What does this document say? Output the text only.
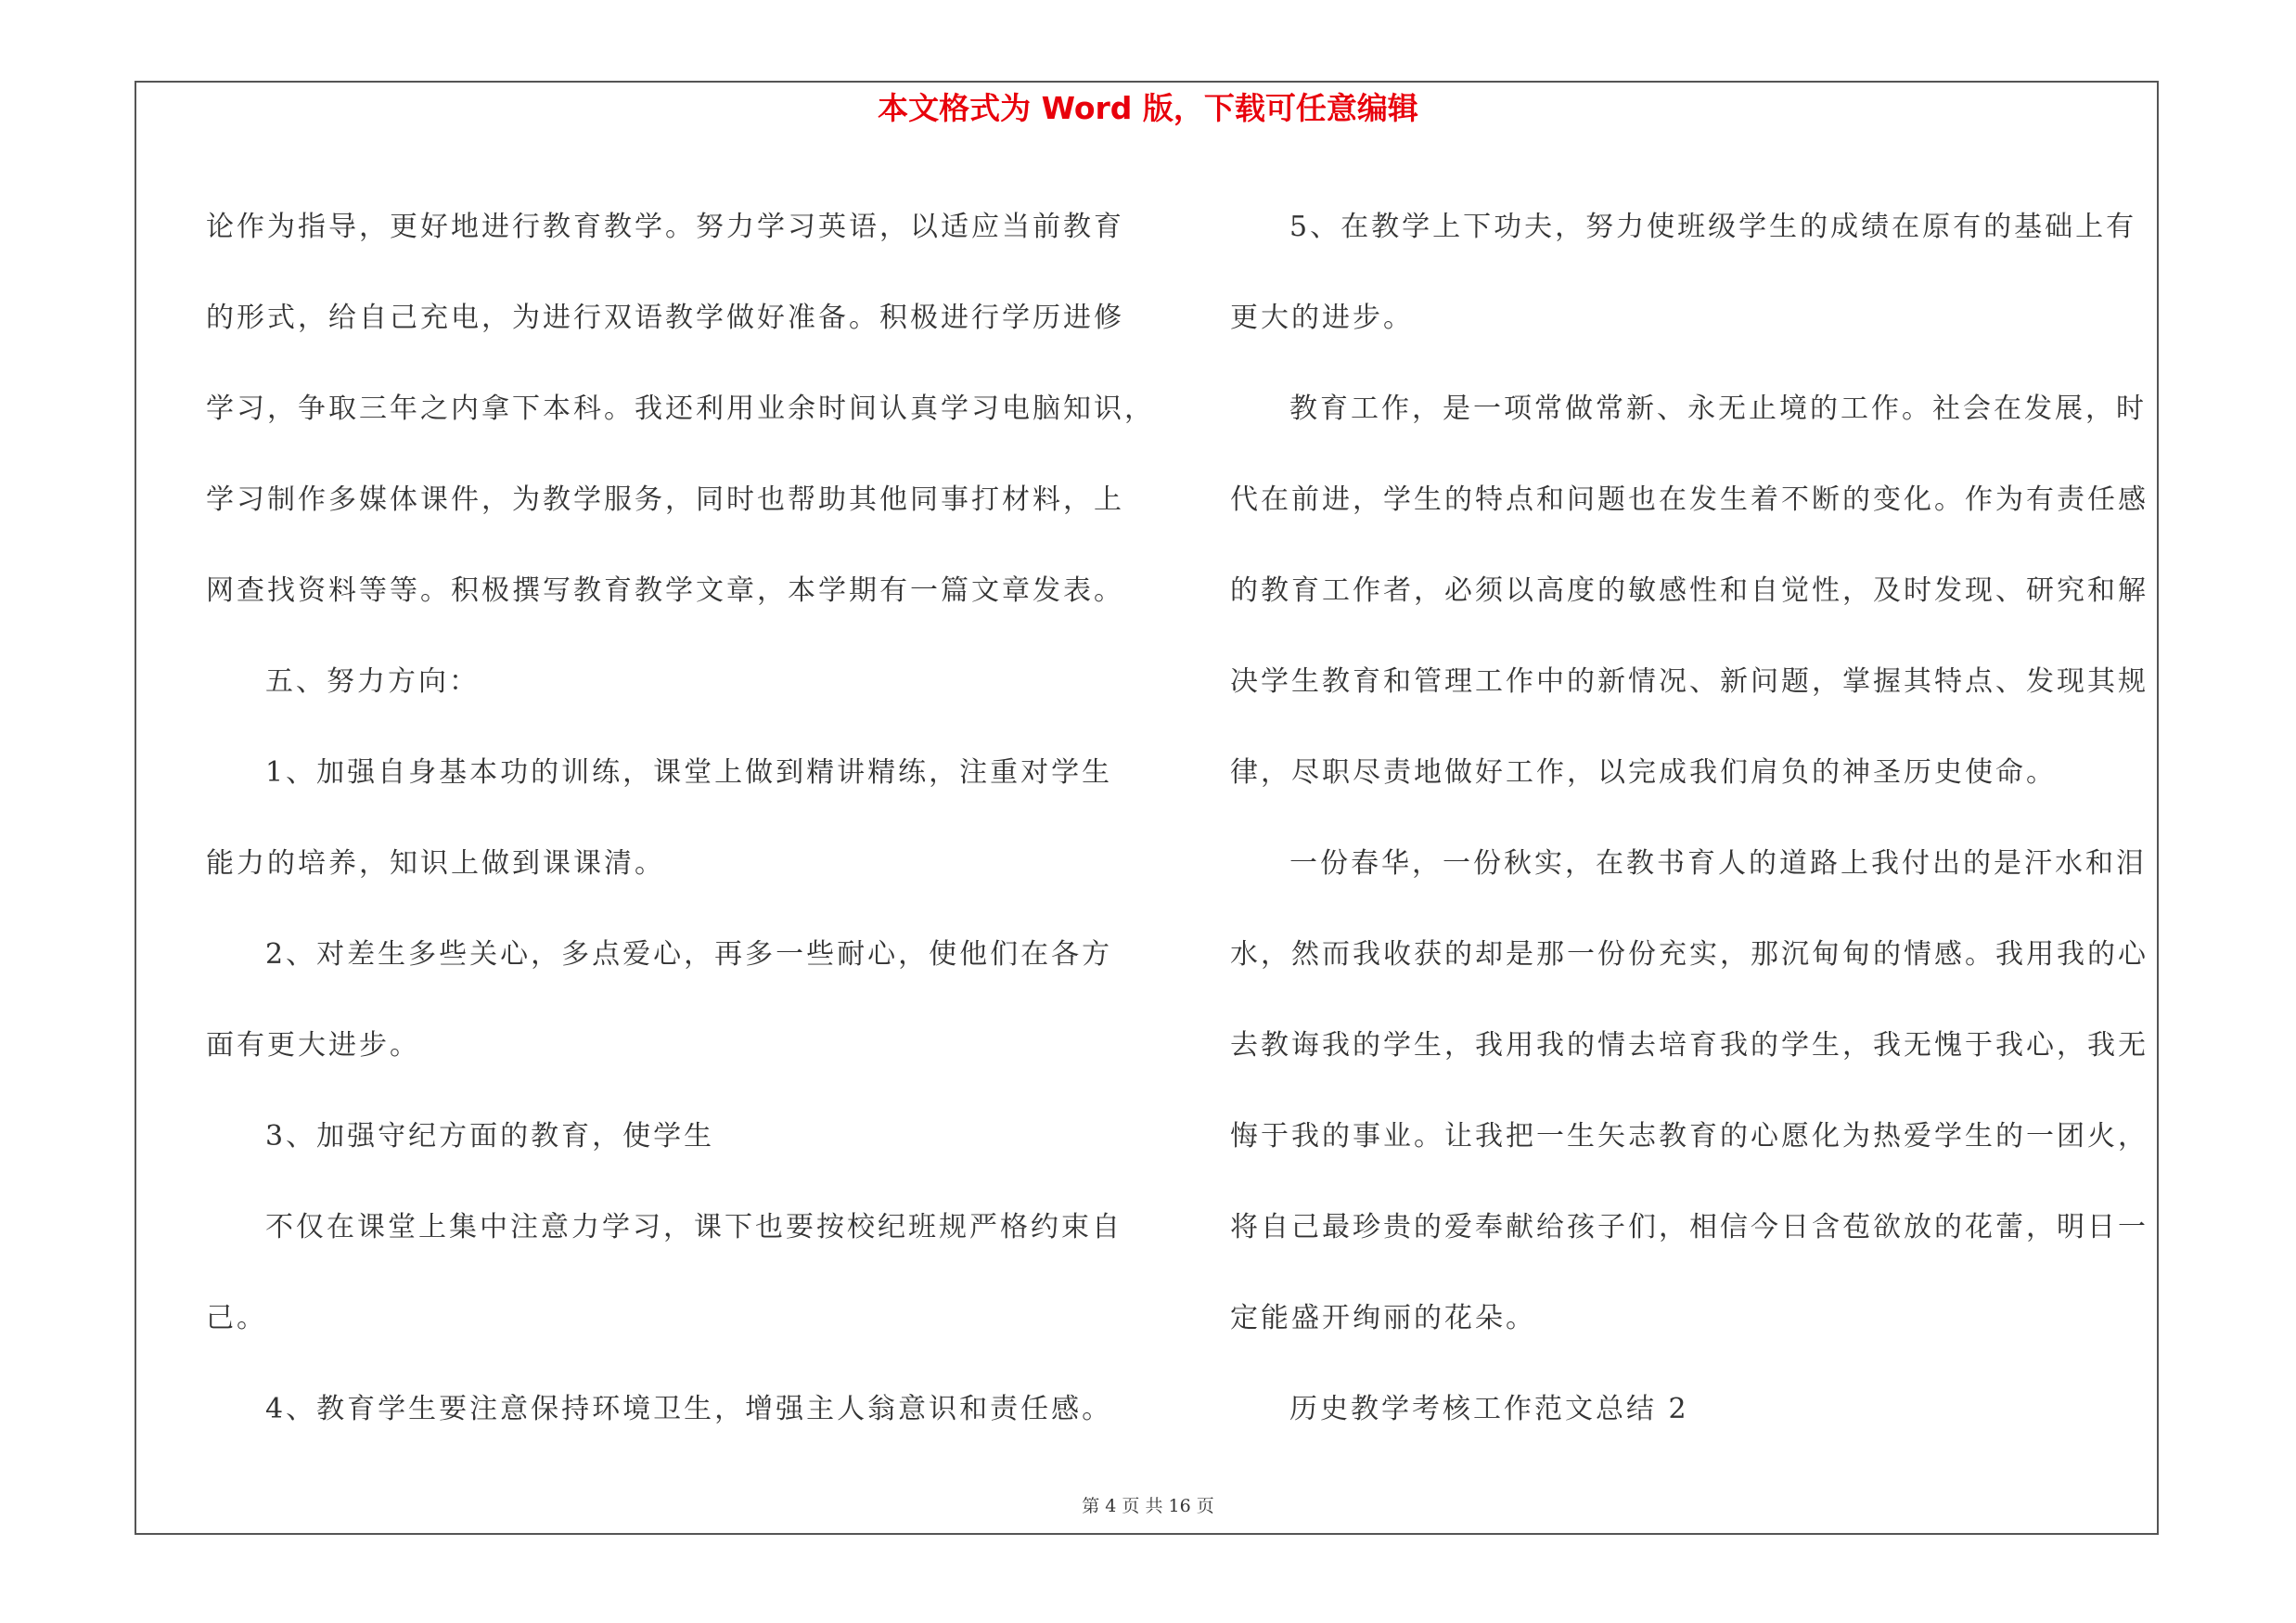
本文格式为 Word 版，下载可任意编辑

论作为指导，更好地进行教育教学。努力学习英语，以适应当前教育

的形式，给自己充电，为进行双语教学做好准备。积极进行学历进修

学习，争取三年之内拿下本科。我还利用业余时间认真学习电脑知识，

学习制作多媒体课件，为教学服务，同时也帮助其他同事打材料，上

网查找资料等等。积极撰写教育教学文章，本学期有一篇文章发表。

五、努力方向：

1、加强自身基本功的训练，课堂上做到精讲精练，注重对学生

能力的培养，知识上做到课课清。

2、对差生多些关心，多点爱心，再多一些耐心，使他们在各方

面有更大进步。

3、加强守纪方面的教育，使学生

不仅在课堂上集中注意力学习，课下也要按校纪班规严格约束自

己。

4、教育学生要注意保持环境卫生，增强主人翁意识和责任感。

5、在教学上下功夫，努力使班级学生的成绩在原有的基础上有

更大的进步。

教育工作，是一项常做常新、永无止境的工作。社会在发展，时

代在前进，学生的特点和问题也在发生着不断的变化。作为有责任感

的教育工作者，必须以高度的敏感性和自觉性，及时发现、研究和解

决学生教育和管理工作中的新情况、新问题，掌握其特点、发现其规

律，尽职尽责地做好工作，以完成我们肩负的神圣历史使命。

一份春华，一份秋实，在教书育人的道路上我付出的是汗水和泪

水，然而我收获的却是那一份份充实，那沉甸甸的情感。我用我的心

去教诲我的学生，我用我的情去培育我的学生，我无愧于我心，我无

悔于我的事业。让我把一生矢志教育的心愿化为热爱学生的一团火，

将自己最珍贵的爱奉献给孩子们，相信今日含苞欲放的花蕾，明日一

定能盛开绚丽的花朵。

历史教学考核工作范文总结 2

第 4 页 共 16 页
